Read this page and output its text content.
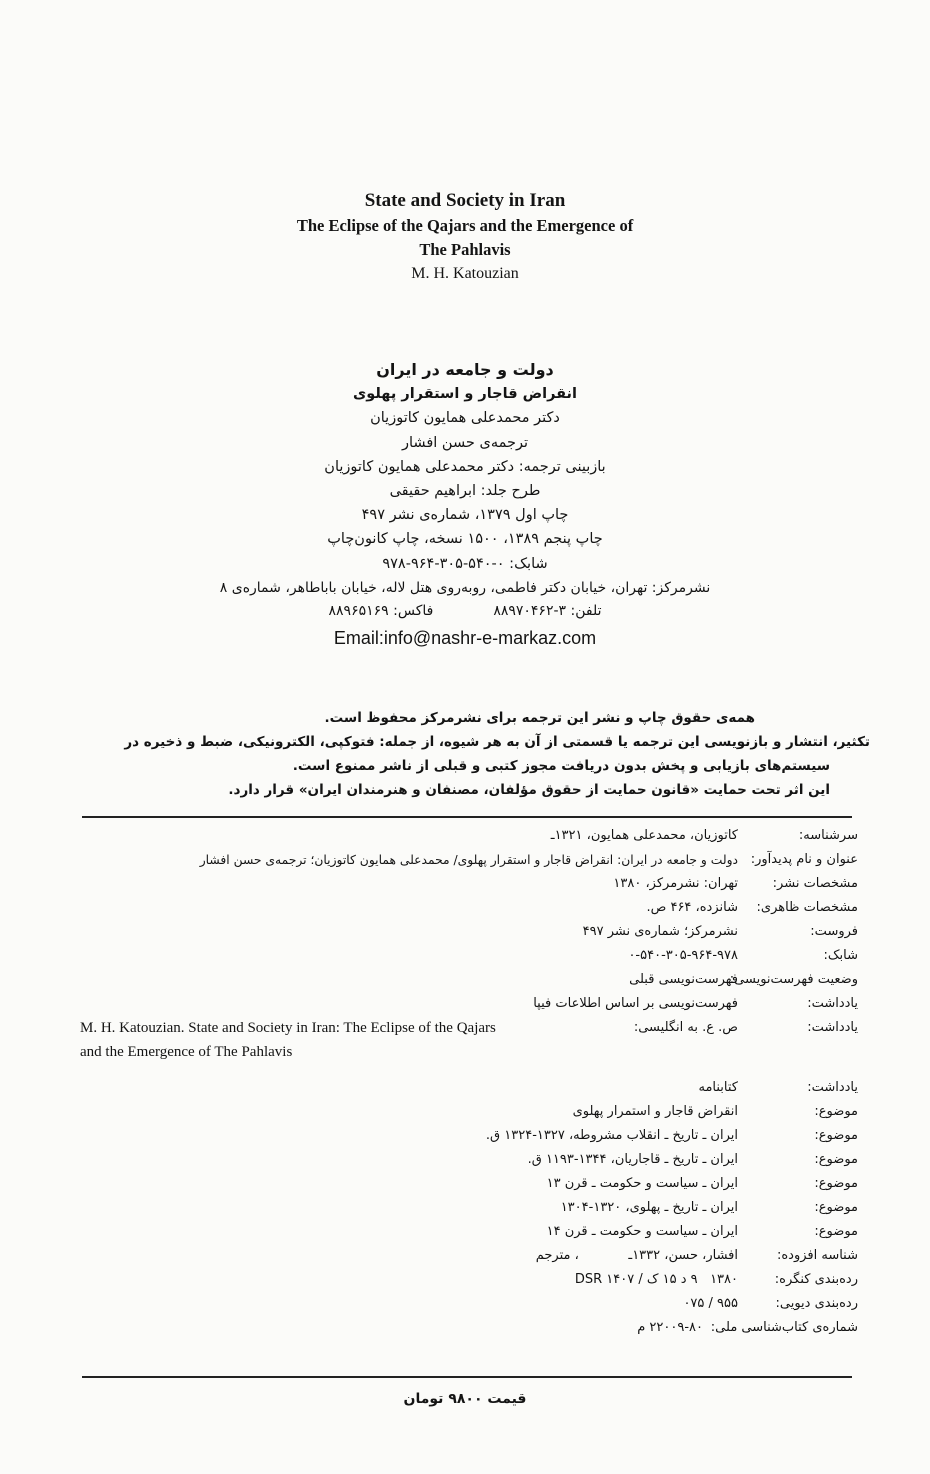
State and Society in Iran

The Eclipse of the Qajars and the Emergence of

The Pahlavis

M. H. Katouzian

دولت و جامعه در ایران

انقراض قاجار و استقرار پهلوی

دکتر محمدعلی همایون کاتوزیان

ترجمه‌ی حسن افشار

بازبینی ترجمه: دکتر محمدعلی همایون کاتوزیان

طرح جلد: ابراهیم حقیقی

چاپ اول ۱۳۷۹، شماره‌ی نشر ۴۹۷

چاپ پنجم ۱۳۸۹، ۱۵۰۰ نسخه، چاپ کانون‌چاپ

شابک: ۰-۵۴۰-۳۰۵-۹۶۴-۹۷۸

نشرمرکز: تهران، خیابان دکتر فاطمی، روبه‌روی هتل لاله، خیابان باباطاهر، شماره‌ی ۸

تلفن: ۳-۸۸۹۷۰۴۶۲
فاکس: ۸۸۹۶۵۱۶۹

Email:info@nashr-e-markaz.com

همه‌ی حقوق چاپ و نشر این ترجمه برای نشرمرکز محفوظ است.

تکثیر، انتشار و بازنویسی این ترجمه یا قسمتی از آن به هر شیوه، از جمله: فتوکپی، الکترونیکی، ضبط و ذخیره در

سیستم‌های بازیابی و پخش بدون دریافت مجوز کتبی و قبلی از ناشر ممنوع است.

این اثر تحت حمایت «قانون حمایت از حقوق مؤلفان، مصنفان و هنرمندان ایران» قرار دارد.

سرشناسه:
کاتوزیان، محمدعلی همایون، ۱۳۲۱ـ
عنوان و نام پدیدآور:
دولت و جامعه در ایران: انقراض قاجار و استقرار پهلوی/ محمدعلی همایون کاتوزیان؛ ترجمه‌ی حسن افشار
مشخصات نشر:
تهران: نشرمرکز، ۱۳۸۰
مشخصات ظاهری:
شانزده، ۴۶۴ ص.
فروست:
نشرمرکز؛ شماره‌ی نشر ۴۹۷
شابک:
۰-۵۴۰-۳۰۵-۹۶۴-۹۷۸
وضعیت فهرست‌نویسی:
فهرست‌نویسی قبلی
یادداشت:
فهرست‌نویسی بر اساس اطلاعات فیپا
یادداشت:
ص. ع. به انگلیسی:
M. H. Katouzian. State and Society in Iran: The Eclipse of the Qajars and the Emergence of The Pahlavis
یادداشت:
کتابنامه
موضوع:
انقراض قاجار و استمرار پهلوی
موضوع:
ایران ـ تاریخ ـ انقلاب مشروطه، ۱۳۲۷-۱۳۲۴ ق.
موضوع:
ایران ـ تاریخ ـ قاجاریان، ۱۳۴۴-۱۱۹۳ ق.
موضوع:
ایران ـ سیاست و حکومت ـ قرن ۱۳
موضوع:
ایران ـ تاریخ ـ پهلوی، ۱۳۲۰-۱۳۰۴
موضوع:
ایران ـ سیاست و حکومت ـ قرن ۱۴
شناسه افزوده:
افشار، حسن، ۱۳۳۲ـ            ، مترجم
رده‌بندی کنگره:
۱۳۸۰   ۹ د ۱۵ ک / DSR ۱۴۰۷
رده‌بندی دیویی:
۹۵۵ / ۰۷۵
شماره‌ی کتاب‌شناسی ملی:
۲۲۰۰۹-۸۰ م
قیمت ۹۸۰۰ تومان
